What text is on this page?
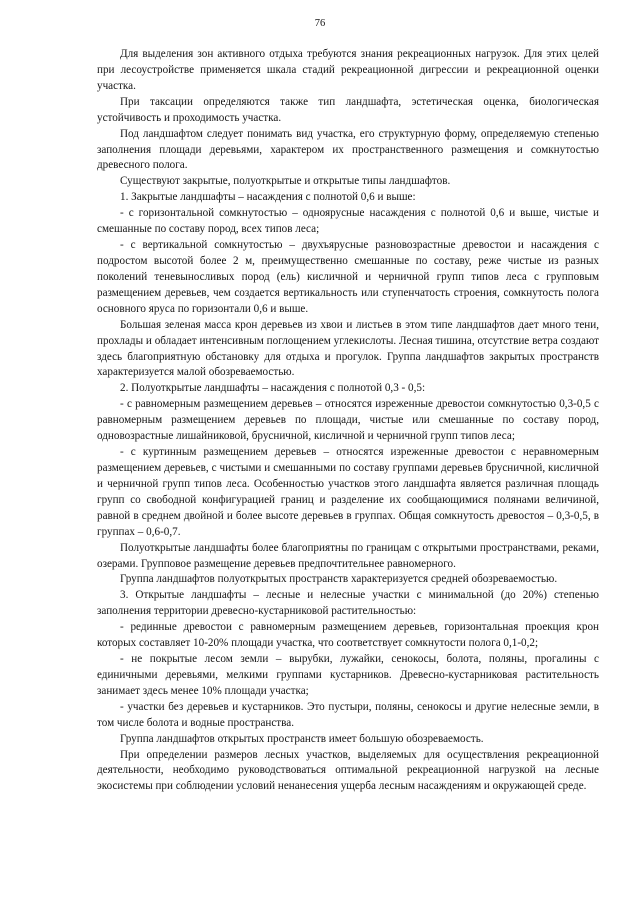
76

Для выделения зон активного отдыха требуются знания рекреационных нагрузок. Для этих целей при лесоустройстве применяется шкала стадий рекреационной дигрессии и рекреационной оценки участка.

При таксации определяются также тип ландшафта, эстетическая оценка, биологическая устойчивость и проходимость участка.

Под ландшафтом следует понимать вид участка, его структурную форму, определяемую степенью заполнения площади деревьями, характером их пространственного размещения и сомкнутостью древесного полога.

Существуют закрытые, полуоткрытые и открытые типы ландшафтов.

1. Закрытые ландшафты – насаждения с полнотой 0,6 и выше:

- с горизонтальной сомкнутостью – одноярусные насаждения с полнотой 0,6 и выше, чистые и смешанные по составу пород, всех типов леса;

- с вертикальной сомкнутостью – двухъярусные разновозрастные древостои и насаждения с подростом высотой более 2 м, преимущественно смешанные по составу, реже чистые из разных поколений теневыносливых пород (ель) кисличной и черничной групп типов леса с групповым размещением деревьев, чем создается вертикальность или ступенчатость строения, сомкнутость полога основного яруса по горизонтали 0,6 и выше.

Большая зеленая масса крон деревьев из хвои и листьев в этом типе ландшафтов дает много тени, прохлады и обладает интенсивным поглощением углекислоты. Лесная тишина, отсутствие ветра создают здесь благоприятную обстановку для отдыха и прогулок. Группа ландшафтов закрытых пространств характеризуется малой обозреваемостью.

2. Полуоткрытые ландшафты – насаждения с полнотой 0,3 - 0,5:

- с равномерным размещением деревьев – относятся изреженные древостои сомкнутостью 0,3-0,5 с равномерным размещением деревьев по площади, чистые или смешанные по составу пород, одновозрастные лишайниковой, брусничной, кисличной и черничной групп типов леса;

- с куртинным размещением деревьев – относятся изреженные древостои с неравномерным размещением деревьев, с чистыми и смешанными по составу группами деревьев брусничной, кисличной и черничной групп типов леса. Особенностью участков этого ландшафта является различная площадь групп со свободной конфигурацией границ и разделение их сообщающимися полянами величиной, равной в среднем двойной и более высоте деревьев в группах. Общая сомкнутость древостоя – 0,3-0,5, в группах – 0,6-0,7.

Полуоткрытые ландшафты более благоприятны по границам с открытыми пространствами, реками, озерами. Групповое размещение деревьев предпочтительнее равномерного.

Группа ландшафтов полуоткрытых пространств характеризуется средней обозреваемостью.

3. Открытые ландшафты – лесные и нелесные участки с минимальной (до 20%) степенью заполнения территории древесно-кустарниковой растительностью:

- рединные древостои с равномерным размещением деревьев, горизонтальная проекция крон которых составляет 10-20% площади участка, что соответствует сомкнутости полога 0,1-0,2;

- не покрытые лесом земли – вырубки, лужайки, сенокосы, болота, поляны, прогалины с единичными деревьями, мелкими группами кустарников. Древесно-кустарниковая растительность занимает здесь менее 10% площади участка;

- участки без деревьев и кустарников. Это пустыри, поляны, сенокосы и другие нелесные земли, в том числе болота и водные пространства.

Группа ландшафтов открытых пространств имеет большую обозреваемость.

При определении размеров лесных участков, выделяемых для осуществления рекреационной деятельности, необходимо руководствоваться оптимальной рекреационной нагрузкой на лесные экосистемы при соблюдении условий ненанесения ущерба лесным насаждениям и окружающей среде.
